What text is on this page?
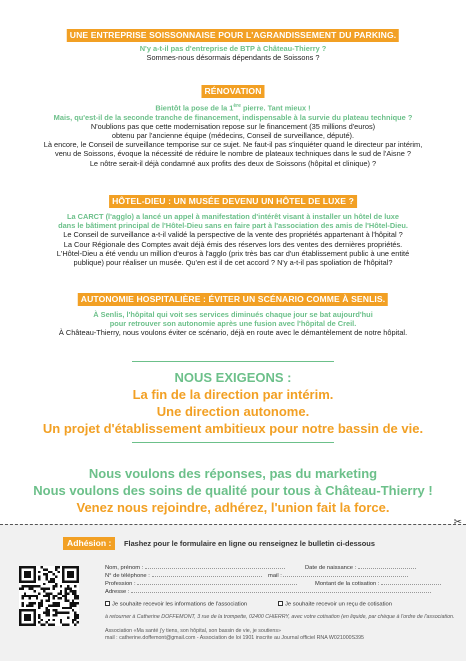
UNE ENTREPRISE SOISSONNAISE POUR L'AGRANDISSEMENT DU PARKING.
N'y a-t-il pas d'entreprise de BTP à Château-Thierry ?
Sommes-nous désormais dépendants de Soissons ?
RÉNOVATION
Bientôt la pose de la 1ère pierre. Tant mieux !
Mais, qu'est-il de la seconde tranche de financement, indispensable à la survie du plateau technique ?
N'oublions pas que cette modernisation repose sur le financement (35 millions d'euros)
obtenu par l'ancienne équipe (médecins, Conseil de surveillance, député).
Là encore, le Conseil de surveillance temporise sur ce sujet. Ne faut-il pas s'inquiéter quand le directeur par intérim,
venu de Soissons, évoque la nécessité de réduire le nombre de plateaux techniques dans le sud de l'Aisne ?
Le nôtre serait-il déjà condamné aux profits des deux de Soissons (hôpital et clinique) ?
HÔTEL-DIEU : UN MUSÉE DEVENU UN HÔTEL DE LUXE ?
La CARCT (l'agglo) a lancé un appel à manifestation d'intérêt visant à installer un hôtel de luxe
dans le bâtiment principal de l'Hôtel-Dieu sans en faire part à l'association des amis de l'Hôtel-Dieu.
Le Conseil de surveillance a-t-il validé la perspective de la vente des propriétés appartenant à l'hôpital ?
La Cour Régionale des Comptes avait déjà émis des réserves lors des ventes des dernières propriétés.
L'Hôtel-Dieu a été vendu un million d'euros à l'agglo (prix très bas car d'un établissement public à une entité
publique) pour réaliser un musée. Qu'en est il de cet accord ? N'y a-t-il pas spoliation de l'hôpital?
AUTONOMIE HOSPITALIÈRE : ÉVITER UN SCÉNARIO COMME À SENLIS.
À Senlis, l'hôpital qui voit ses services diminués chaque jour se bat aujourd'hui
pour retrouver son autonomie après une fusion avec l'hôpital de Creil.
À Château-Thierry, nous voulons éviter ce scénario, déjà en route avec le démantèlement de notre hôpital.
NOUS EXIGEONS :
La fin de la direction par intérim.
Une direction autonome.
Un projet d'établissement ambitieux pour notre bassin de vie.
Nous voulons des réponses, pas du marketing
Nous voulons des soins de qualité pour tous à Château-Thierry !
Venez nous rejoindre, adhérez, l'union fait la force.
✂
Adhésion :	Flashez pour le formulaire en ligne ou renseignez le bulletin ci-dessous
Nom, prénom :	Date de naissance :
N° de téléphone :	mail :
Profession :	Montant de la cotisation :
Adresse :
Je souhaite recevoir les informations de l'association	Je souhaite recevoir un reçu de cotisation
à retourner à Catherine DOFFEMONT, 3 rue de la trompette, 02400 CHIERRY, avec votre cotisation (en liquide, par chèque à l'ordre de l'association.
Association «Ma santé j'y tiens, son hôpital, son bassin de vie, je soutiens»
mail : catherine.doffemont@gmail.com - Association de loi 1901 inscrite au Journal officiel RNA W021000S395
